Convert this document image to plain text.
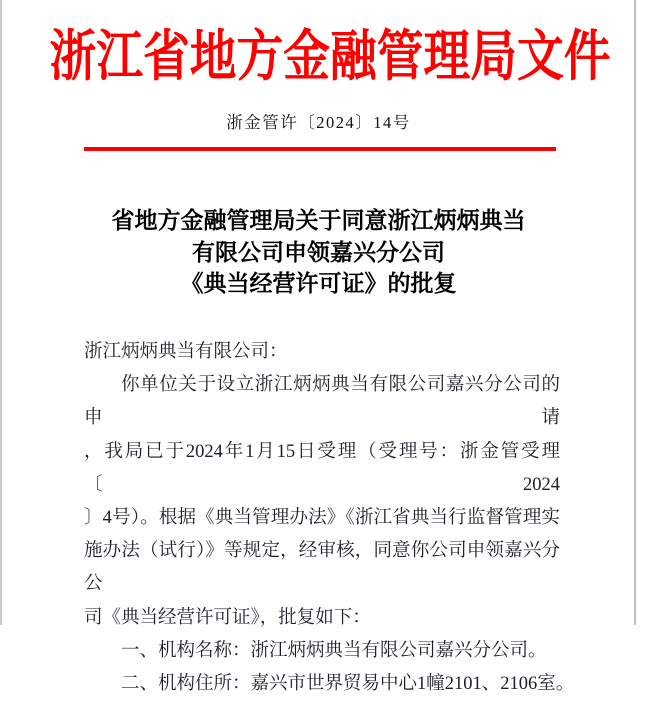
浙江省地方金融管理局文件
浙金管许〔2024〕14号
省地方金融管理局关于同意浙江炳炳典当
有限公司申领嘉兴分公司
《典当经营许可证》的批复
浙江炳炳典当有限公司：
你单位关于设立浙江炳炳典当有限公司嘉兴分公司的申请
，我局已于2024年1月15日受理（受理号：浙金管受理〔2024
〕4号）。根据《典当管理办法》《浙江省典当行监督管理实
施办法（试行）》等规定，经审核，同意你公司申领嘉兴分公
司《典当经营许可证》，批复如下：
一、机构名称：浙江炳炳典当有限公司嘉兴分公司。
二、机构住所：嘉兴市世界贸易中心1幢2101、2106室。
